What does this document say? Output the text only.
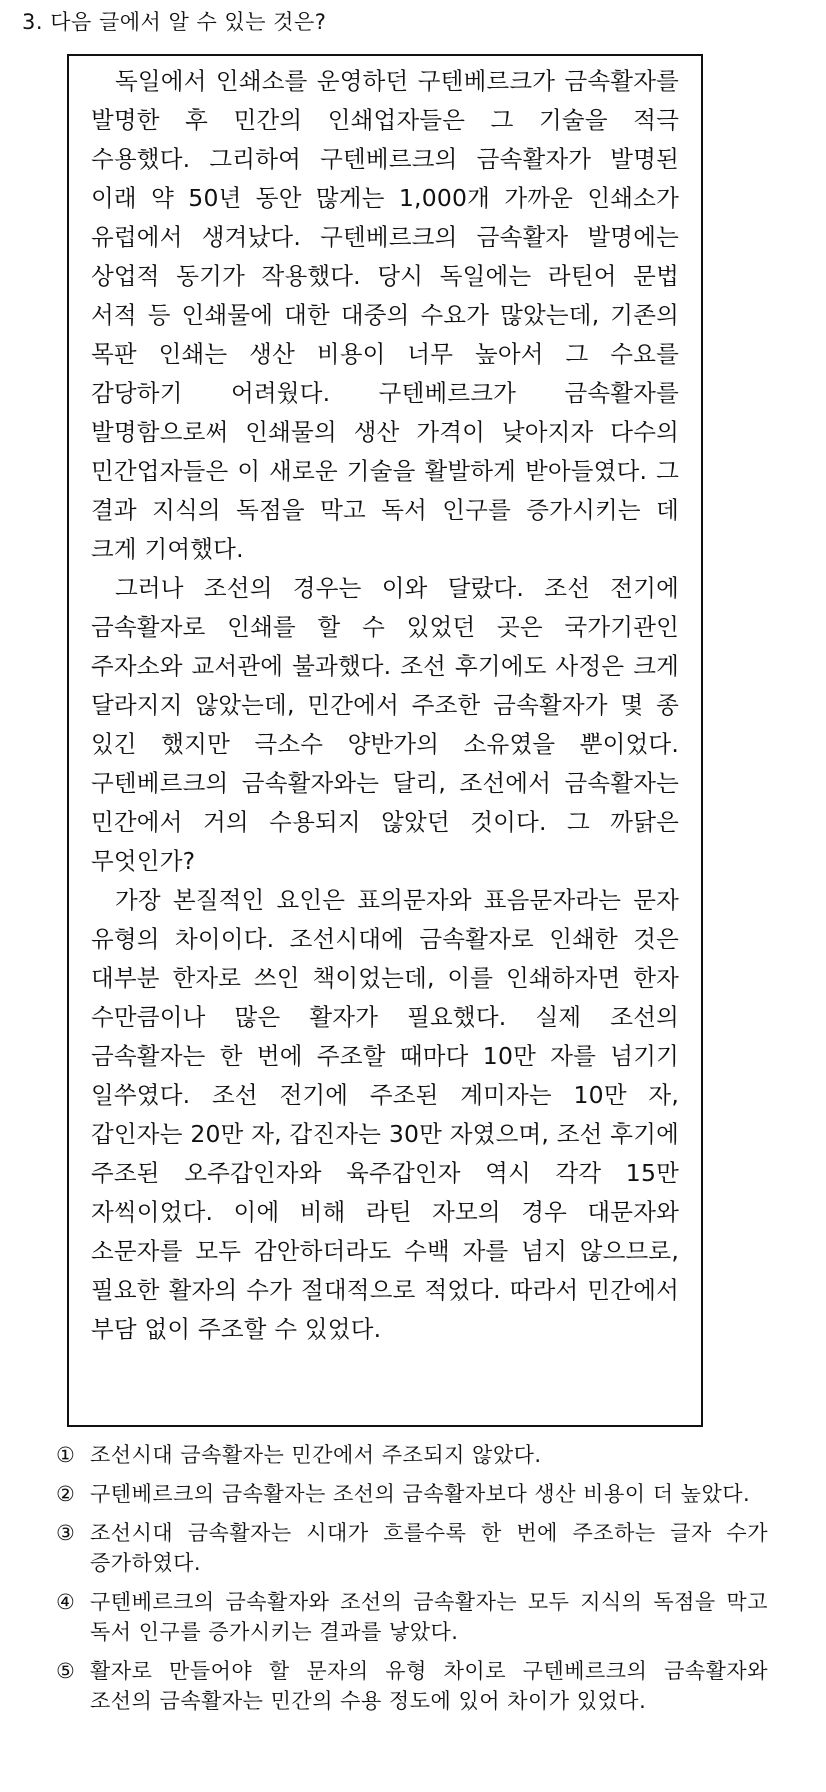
3. 다음 글에서 알 수 있는 것은?

독일에서 인쇄소를 운영하던 구텐베르크가 금속활자를 발명한 후 민간의 인쇄업자들은 그 기술을 적극 수용했다. 그리하여 구텐베르크의 금속활자가 발명된 이래 약 50년 동안 많게는 1,000개 가까운 인쇄소가 유럽에서 생겨났다. 구텐베르크의 금속활자 발명에는 상업적 동기가 작용했다. 당시 독일에는 라틴어 문법 서적 등 인쇄물에 대한 대중의 수요가 많았는데, 기존의 목판 인쇄는 생산 비용이 너무 높아서 그 수요를 감당하기 어려웠다. 구텐베르크가 금속활자를 발명함으로써 인쇄물의 생산 가격이 낮아지자 다수의 민간업자들은 이 새로운 기술을 활발하게 받아들였다. 그 결과 지식의 독점을 막고 독서 인구를 증가시키는 데 크게 기여했다.

그러나 조선의 경우는 이와 달랐다. 조선 전기에 금속활자로 인쇄를 할 수 있었던 곳은 국가기관인 주자소와 교서관에 불과했다. 조선 후기에도 사정은 크게 달라지지 않았는데, 민간에서 주조한 금속활자가 몇 종 있긴 했지만 극소수 양반가의 소유였을 뿐이었다. 구텐베르크의 금속활자와는 달리, 조선에서 금속활자는 민간에서 거의 수용되지 않았던 것이다. 그 까닭은 무엇인가?

가장 본질적인 요인은 표의문자와 표음문자라는 문자 유형의 차이이다. 조선시대에 금속활자로 인쇄한 것은 대부분 한자로 쓰인 책이었는데, 이를 인쇄하자면 한자 수만큼이나 많은 활자가 필요했다. 실제 조선의 금속활자는 한 번에 주조할 때마다 10만 자를 넘기기 일쑤였다. 조선 전기에 주조된 계미자는 10만 자, 갑인자는 20만 자, 갑진자는 30만 자였으며, 조선 후기에 주조된 오주갑인자와 육주갑인자 역시 각각 15만 자씩이었다. 이에 비해 라틴 자모의 경우 대문자와 소문자를 모두 감안하더라도 수백 자를 넘지 않으므로, 필요한 활자의 수가 절대적으로 적었다. 따라서 민간에서 부담 없이 주조할 수 있었다.

① 조선시대 금속활자는 민간에서 주조되지 않았다.
② 구텐베르크의 금속활자는 조선의 금속활자보다 생산 비용이 더 높았다.
③ 조선시대 금속활자는 시대가 흐를수록 한 번에 주조하는 글자 수가 증가하였다.
④ 구텐베르크의 금속활자와 조선의 금속활자는 모두 지식의 독점을 막고 독서 인구를 증가시키는 결과를 낳았다.
⑤ 활자로 만들어야 할 문자의 유형 차이로 구텐베르크의 금속활자와 조선의 금속활자는 민간의 수용 정도에 있어 차이가 있었다.
